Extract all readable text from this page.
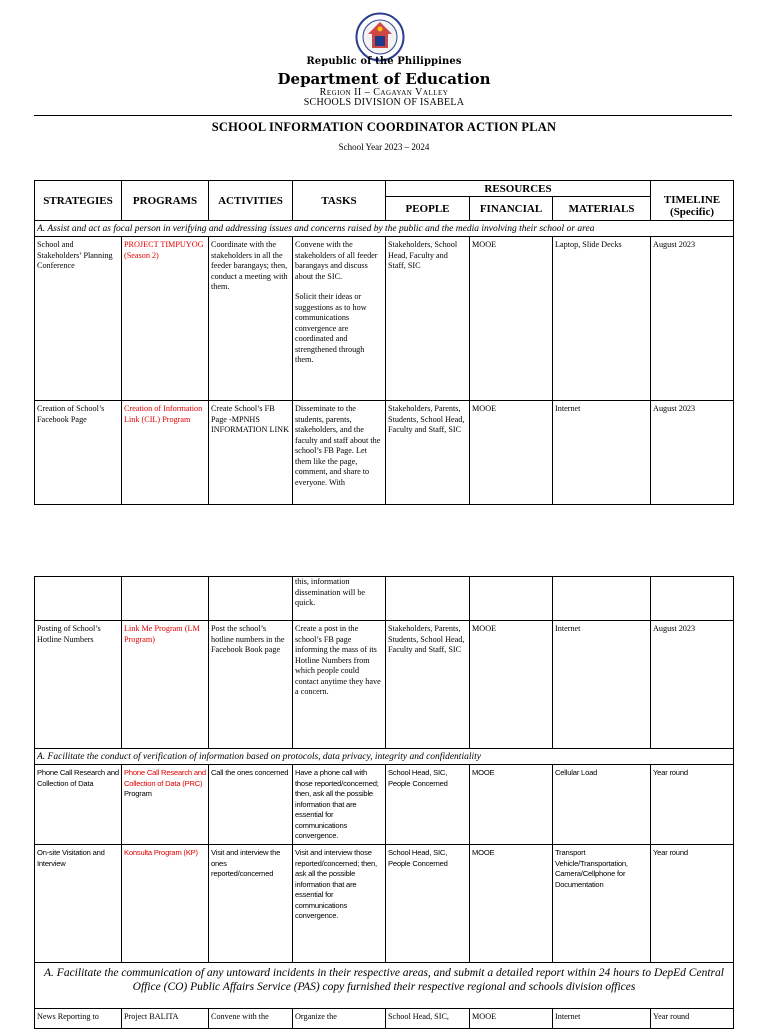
Republic of the Philippines

Department of Education

Region II – Cagayan Valley

SCHOOLS DIVISION OF ISABELA

SCHOOL INFORMATION COORDINATOR ACTION PLAN

School Year 2023 – 2024

STRATEGIES	PROGRAMS	ACTIVITIES	TASKS	RESOURCES			TIMELINE (Specific)
				PEOPLE	FINANCIAL	MATERIALS	
A. Assist and act as focal person in verifying and addressing issues and concerns raised by the public and the media involving their school or area							
School and Stakeholders’ Planning Conference	PROJECT TIMPUYOG (Season 2)	Coordinate with the stakeholders in all the feeder barangays; then, conduct a meeting with them.	Convene with the stakeholders of all feeder barangays and discuss about the SIC.
Solicit their ideas or suggestions as to how communications convergence are coordinated and strengthened through them.	Stakeholders, School Head, Faculty and Staff, SIC	MOOE	Laptop, Slide Decks	August 2023
Creation of School’s Facebook Page	Creation of Information Link (CIL) Program	Create School’s FB Page -MPNHS INFORMATION LINK	Disseminate to the students, parents, stakeholders, and the faculty and staff about the school’s FB Page. Let them like the page, comment, and share to everyone. With	Stakeholders, Parents, Students, School Head, Faculty and Staff, SIC	MOOE	Internet	August 2023
			this, information dissemination will be quick.				
Posting of School’s Hotline Numbers	Link Me Program (LM Program)	Post the school’s hotline numbers in the Facebook Book page	Create a post in the school’s FB page informing the mass of its Hotline Numbers from which people could contact anytime they have a concern.	Stakeholders, Parents, Students, School Head, Faculty and Staff, SIC	MOOE	Internet	August 2023
A. Facilitate the conduct of verification of information based on protocols, data privacy, integrity and confidentiality							
Phone Call Research and Collection of Data	Phone Call Research and Collection of Data (PRC)
Program	Call the ones concerned	Have a phone call with those reported/concerned; then, ask all the possible information that are essential for communications convergence.	School Head, SIC, People Concerned	MOOE	Cellular Load	Year round
On-site Visitation and Interview	Konsulta Program (KP)	Visit and interview the ones reported/concerned	Visit and interview those reported/concerned; then, ask all the possible information that are essential for communications convergence.	School Head, SIC, People Concerned	MOOE	Transport Vehicle/Transportation, Camera/Cellphone for Documentation	Year round
A. Facilitate the communication of any untoward incidents in their respective areas, and submit a detailed report within 24 hours to DepEd Central Office (CO) Public Affairs Service (PAS) copy furnished their respective regional and schools division offices							
News Reporting to	Project BALITA	Convene with the	Organize the	School Head, SIC,	MOOE	Internet	Year round
